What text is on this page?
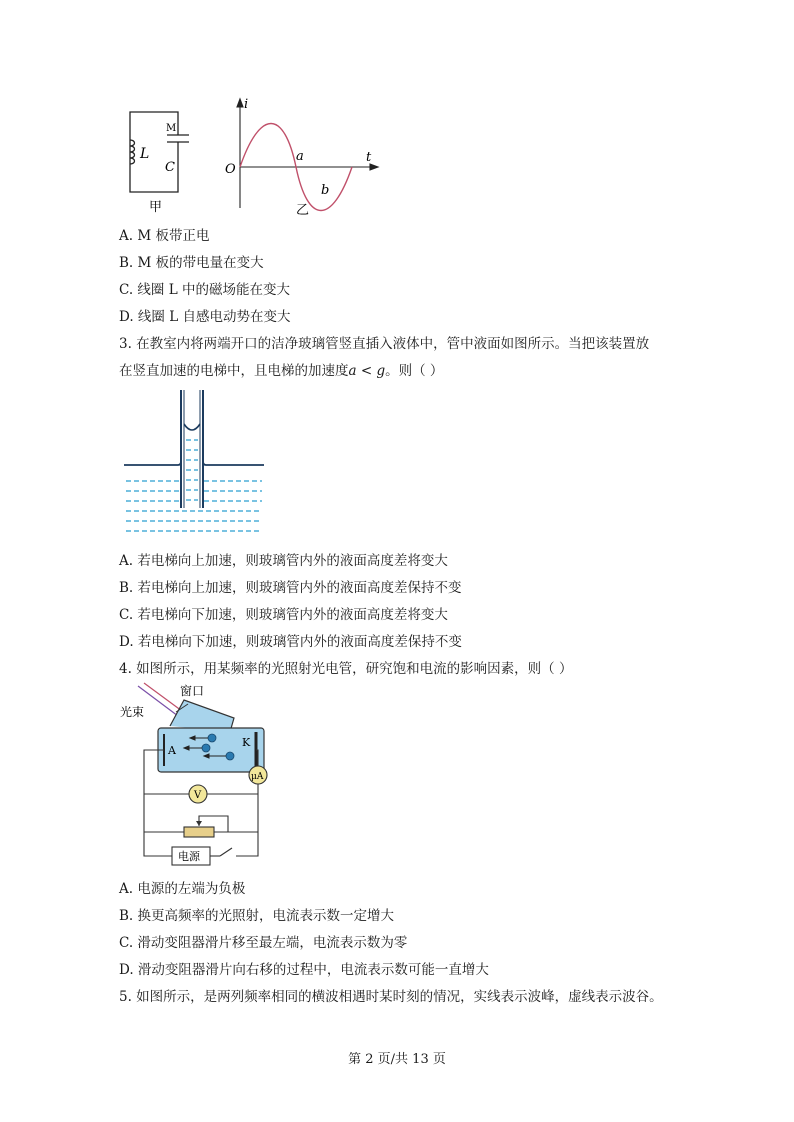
L
M
C
甲
i
t
O
a
b
乙
A. M 板带正电
B. M 板的带电量在变大
C. 线圈 L 中的磁场能在变大
D. 线圈 L 自感电动势在变大
3. 在教室内将两端开口的洁净玻璃管竖直插入液体中，管中液面如图所示。当把该装置放
在竖直加速的电梯中，且电梯的加速度a < g。则（ ）
A. 若电梯向上加速，则玻璃管内外的液面高度差将变大
B. 若电梯向上加速，则玻璃管内外的液面高度差保持不变
C. 若电梯向下加速，则玻璃管内外的液面高度差将变大
D. 若电梯向下加速，则玻璃管内外的液面高度差保持不变
4. 如图所示，用某频率的光照射光电管，研究饱和电流的影响因素，则（ ）
窗口
光束
A
K
μA
V
电源
A. 电源的左端为负极
B. 换更高频率的光照射，电流表示数一定增大
C. 滑动变阻器滑片移至最左端，电流表示数为零
D. 滑动变阻器滑片向右移的过程中，电流表示数可能一直增大
5. 如图所示，是两列频率相同的横波相遇时某时刻的情况，实线表示波峰，虚线表示波谷。
第 2 页/共 13 页
